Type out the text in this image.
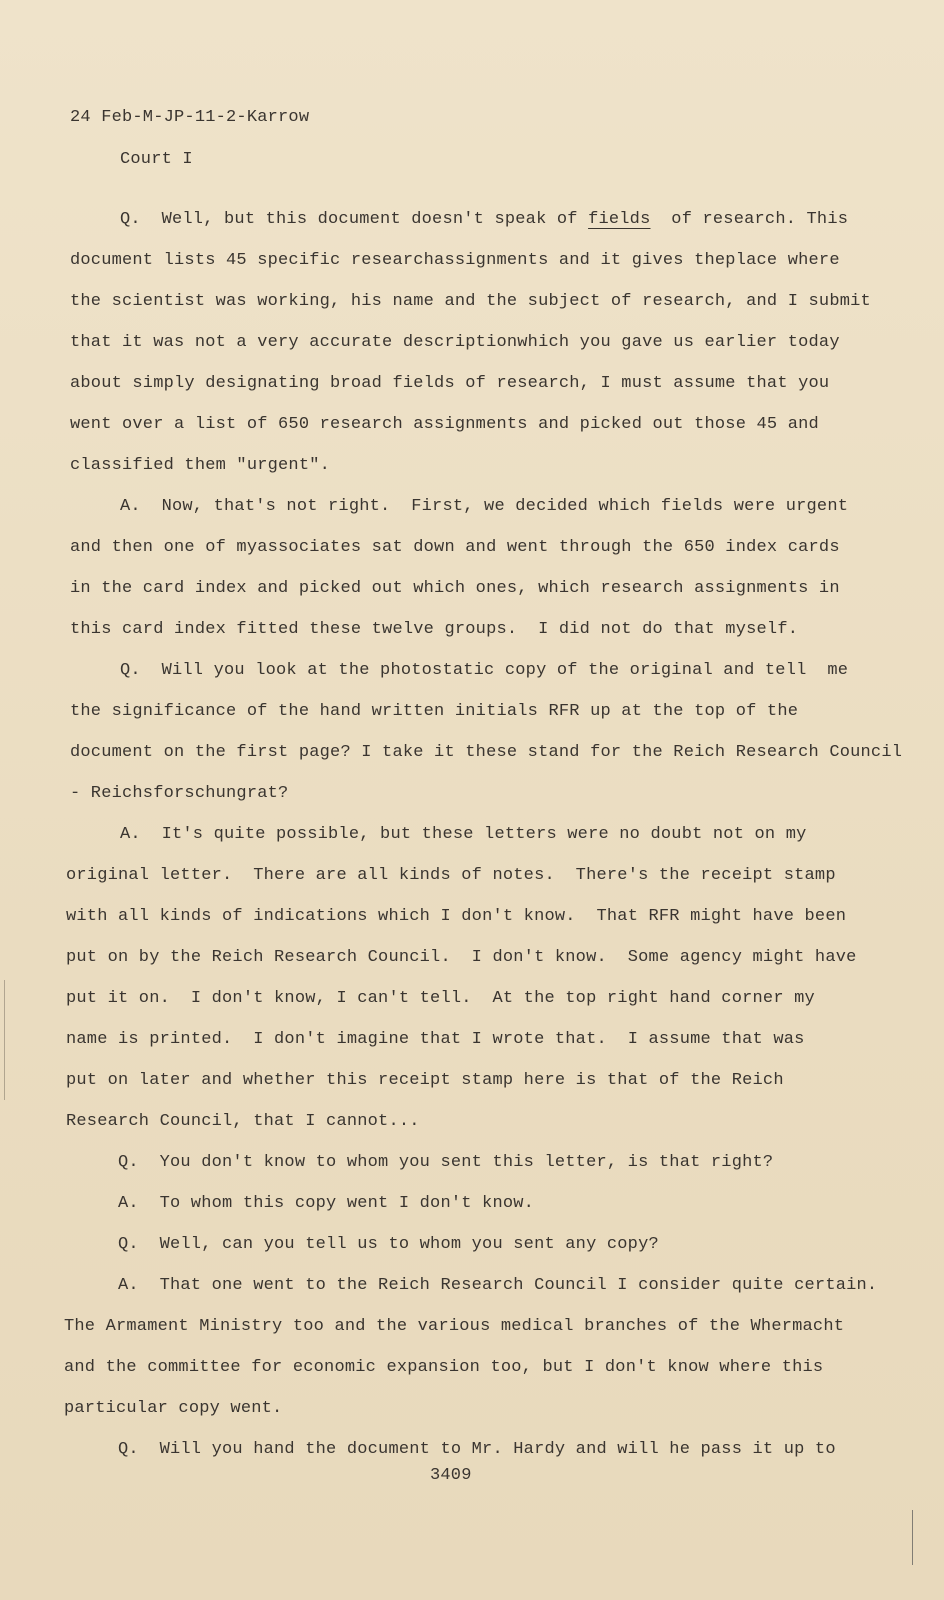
24 Feb-M-JP-11-2-Karrow
Court I
Q.  Well, but this document doesn't speak of fields  of research. This
document lists 45 specific researchassignments and it gives theplace where
the scientist was working, his name and the subject of research, and I submit
that it was not a very accurate descriptionwhich you gave us earlier today
about simply designating broad fields of research, I must assume that you
went over a list of 650 research assignments and picked out those 45 and
classified them "urgent".
A.  Now, that's not right.  First, we decided which fields were urgent
and then one of myassociates sat down and went through the 650 index cards
in the card index and picked out which ones, which research assignments in
this card index fitted these twelve groups.  I did not do that myself.
Q.  Will you look at the photostatic copy of the original and tell  me
the significance of the hand written initials RFR up at the top of the
document on the first page? I take it these stand for the Reich Research Council
- Reichsforschungrat?
A.  It's quite possible, but these letters were no doubt not on my
original letter.  There are all kinds of notes.  There's the receipt stamp
with all kinds of indications which I don't know.  That RFR might have been
put on by the Reich Research Council.  I don't know.  Some agency might have
put it on.  I don't know, I can't tell.  At the top right hand corner my
name is printed.  I don't imagine that I wrote that.  I assume that was
put on later and whether this receipt stamp here is that of the Reich
Research Council, that I cannot...
Q.  You don't know to whom you sent this letter, is that right?
A.  To whom this copy went I don't know.
Q.  Well, can you tell us to whom you sent any copy?
A.  That one went to the Reich Research Council I consider quite certain.
The Armament Ministry too and the various medical branches of the Whermacht
and the committee for economic expansion too, but I don't know where this
particular copy went.
Q.  Will you hand the document to Mr. Hardy and will he pass it up to
3409
